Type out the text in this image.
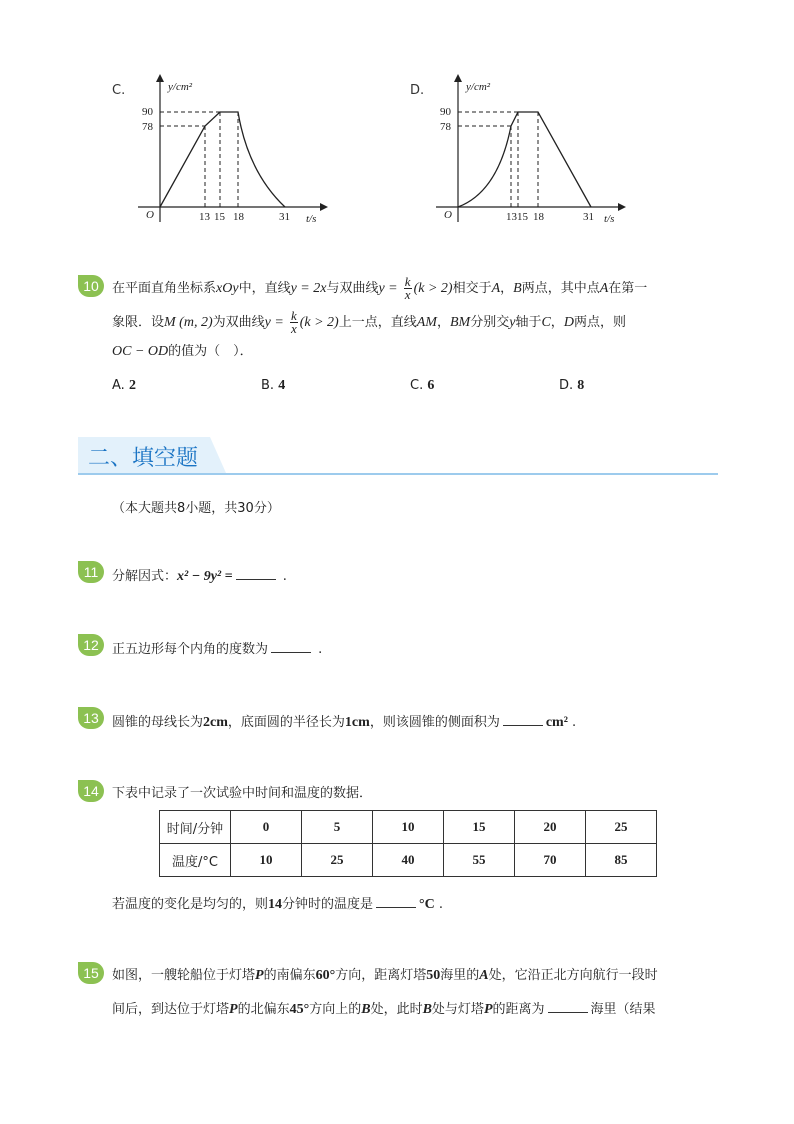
C.	y/cm²
90
78
O	13 15 18	31 t/s
D.	y/cm²
90
78
O	1315 18	31 t/s
10	在平面直角坐标系xOy中，直线y = 2x与双曲线$y = \frac{k}{x} (k > 2)$相交于A，B两点，其中点A在第一
象限．设M (m, 2)为双曲线$y = \frac{k}{x} (k > 2)$上一点，直线AM，BM分别交y轴于C，D两点，则
OC − OD的值为（　）．
A. 2	B. 4	C. 6	D. 8
二、填空题
（本大题共8小题，共30分）
11	分解因式：x² − 9y² =	.
12	正五边形每个内角的度数为	.
13	圆锥的母线长为2cm，底面圆的半径长为1cm，则该圆锥的侧面积为	cm² .
14	下表中记录了一次试验中时间和温度的数据．
时间/分钟	0	5	10	15	20	25
温度/°C	10	25	40	55	70	85
若温度的变化是均匀的，则14分钟时的温度是	°C .
15	如图，一艘轮船位于灯塔P的南偏东60°方向，距离灯塔50海里的A处，它沿正北方向航行一段时
间后，到达位于灯塔P的北偏东45°方向上的B处，此时B处与灯塔P的距离为	海里（结果
